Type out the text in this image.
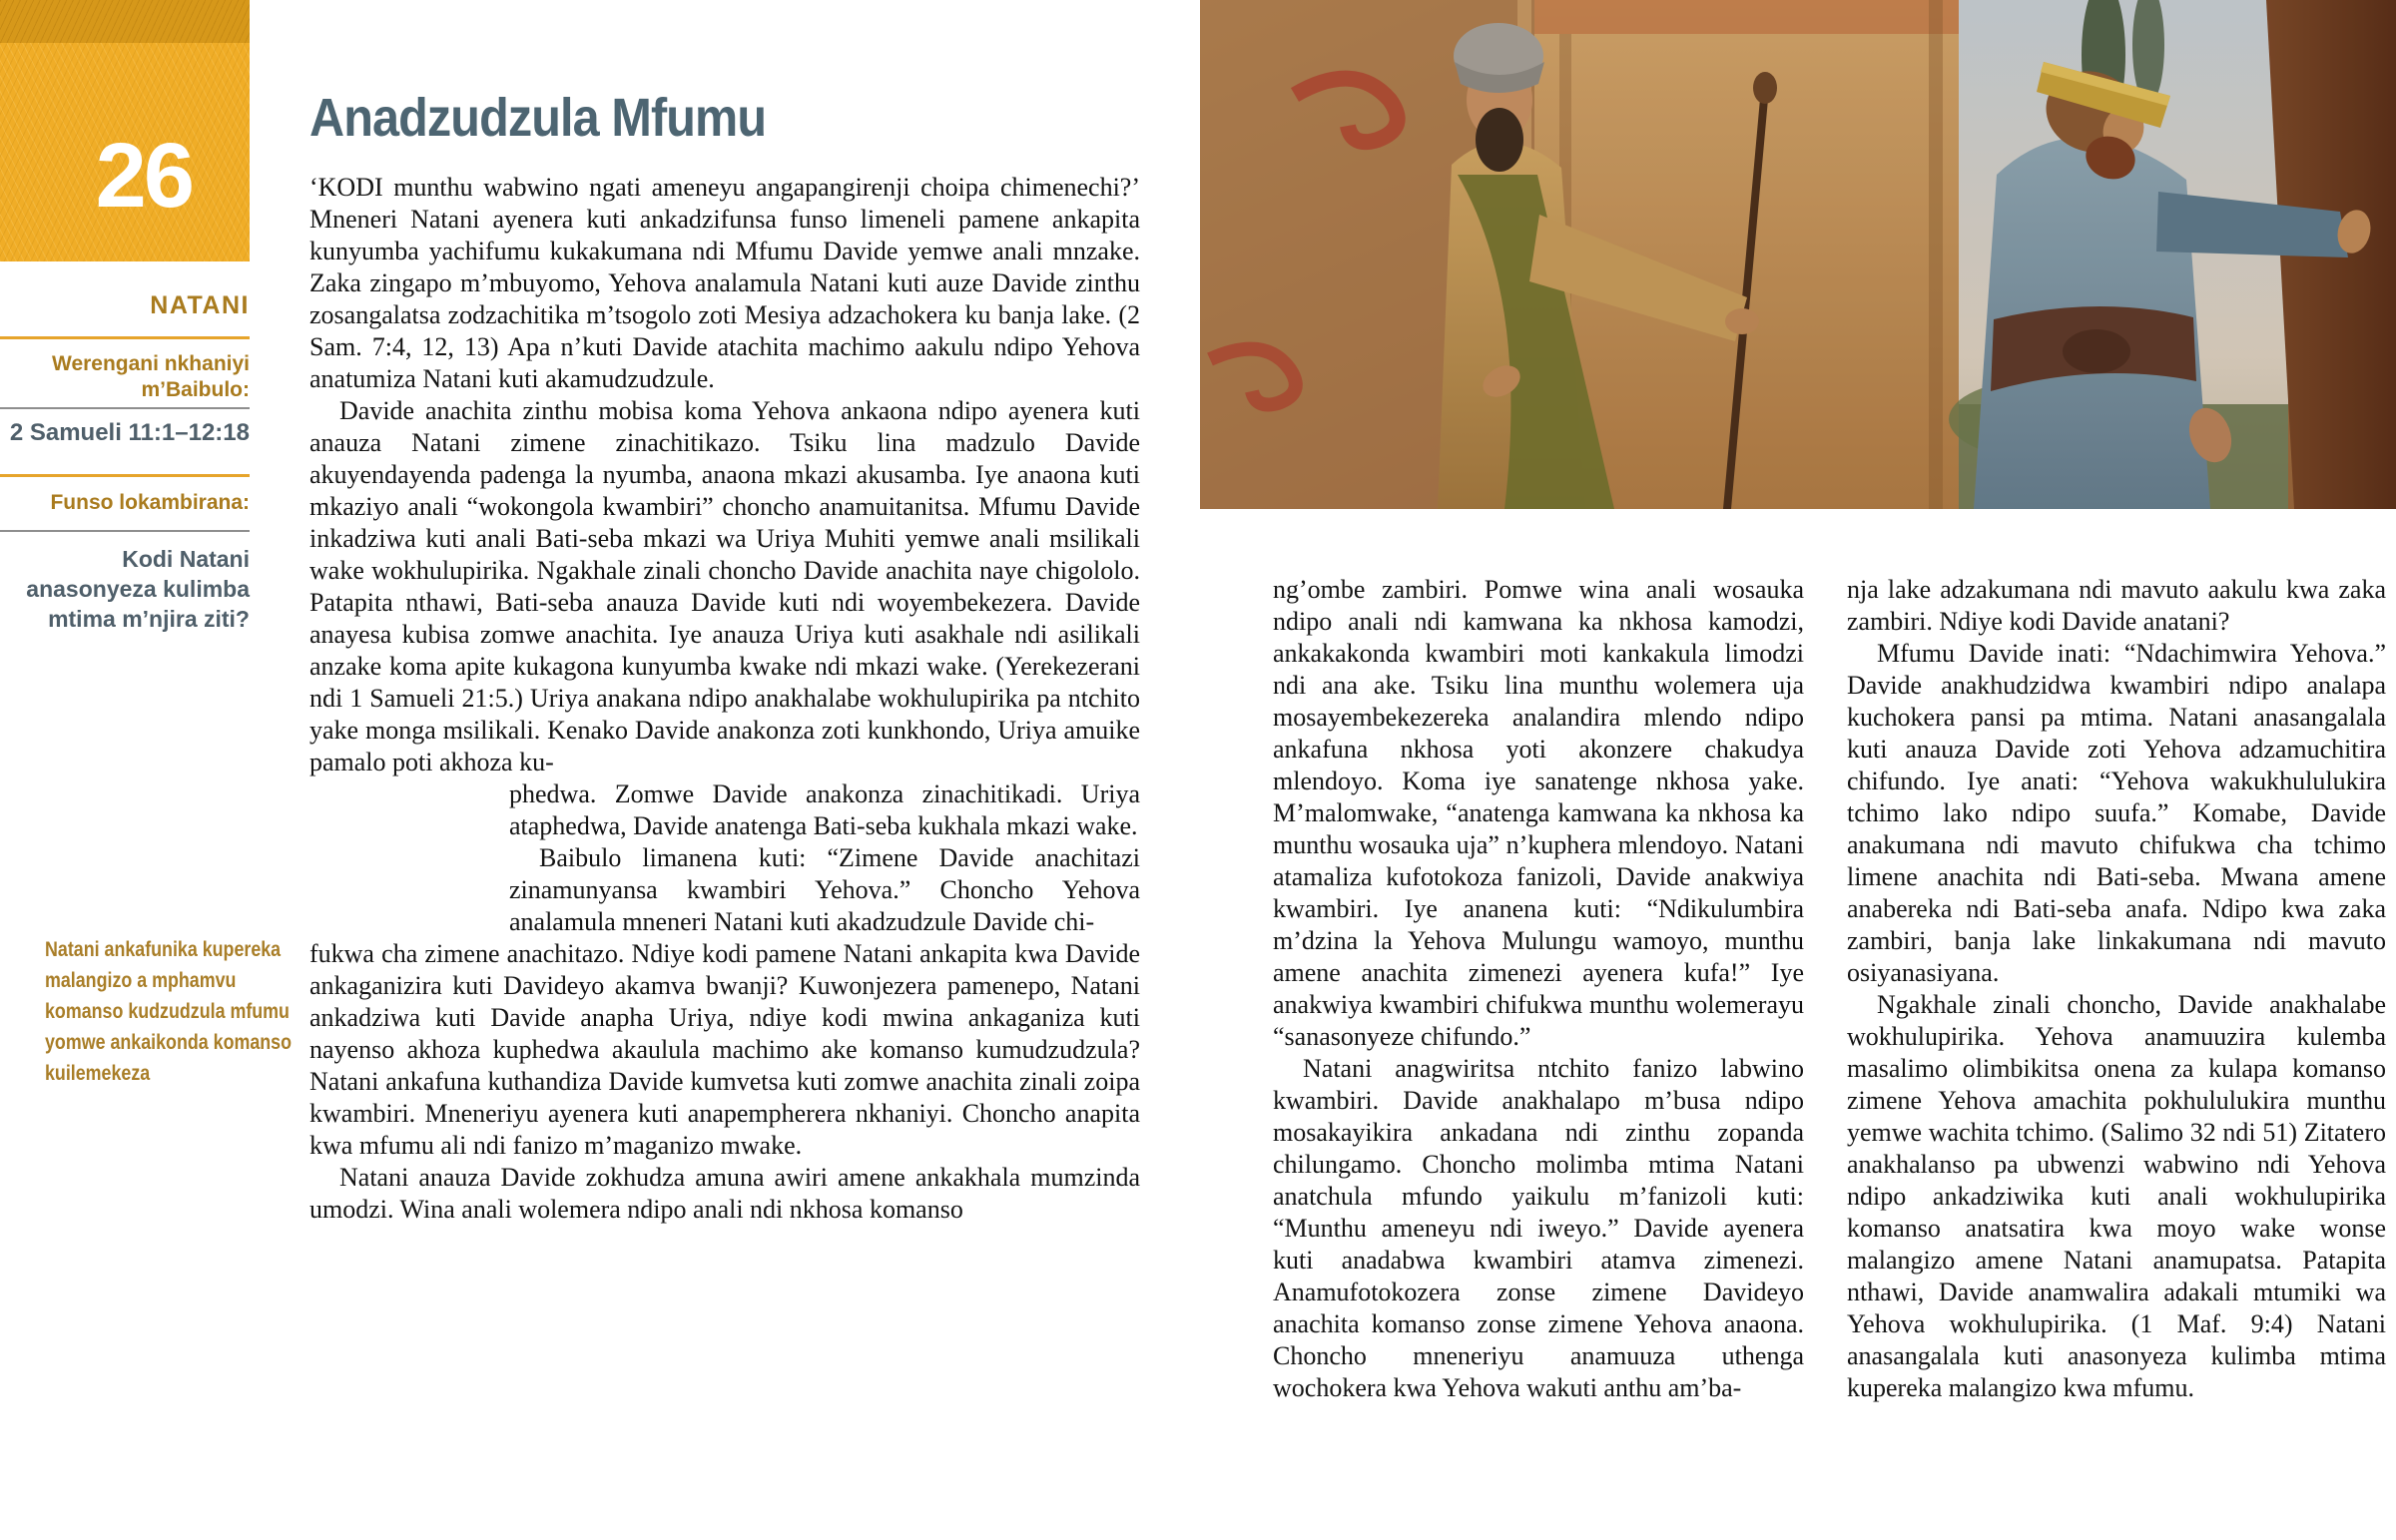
26
NATANI
Werengani nkhaniyi m’Baibulo:
2 Samueli 11:1–12:18
Funso lokambirana:
Kodi Natani anasonyeza kulimba mtima m’njira ziti?
Natani ankafunika kupereka malangizo a mphamvu komanso kudzudzula mfumu yomwe ankaikonda komanso kuilemekeza
Anadzudzula Mfumu

‘KODI munthu wabwino ngati ameneyu angapangirenji choipa chimenechi?’ Mneneri Natani ayenera kuti ankadzifunsa funso limeneli pamene ankapita kunyumba yachifumu kukakumana ndi Mfumu Davide yemwe anali mnzake. Zaka zingapo m’mbuyomo, Yehova analamula Natani kuti auze Davide zinthu zosangalatsa zodzachitika m’tsogolo zoti Mesiya adzachokera ku banja lake. (2 Sam. 7:4, 12, 13) Apa n’kuti Davide atachita machimo aakulu ndipo Yehova anatumiza Natani kuti akamudzudzule.

Davide anachita zinthu mobisa koma Yehova ankaona ndipo ayenera kuti anauza Natani zimene zinachitikazo. Tsiku lina madzulo Davide akuyendayenda padenga la nyumba, anaona mkazi akusamba. Iye anaona kuti mkaziyo anali “wokongola kwambiri” choncho anamuitanitsa. Mfumu Davide inkadziwa kuti anali Bati-seba mkazi wa Uriya Muhiti yemwe anali msilikali wake wokhulupirika. Ngakhale zinali choncho Davide anachita naye chigololo. Patapita nthawi, Bati-seba anauza Davide kuti ndi woyembekezera. Davide anayesa kubisa zomwe anachita. Iye anauza Uriya kuti asakhale ndi asilikali anzake koma apite kukagona kunyumba kwake ndi mkazi wake. (Yerekezerani ndi 1 Samueli 21:5.) Uriya anakana ndipo anakhalabe wokhulupirika pa ntchito yake monga msilikali. Kenako Davide anakonza zoti kunkhondo, Uriya amuike pamalo poti akhoza ku-

phedwa. Zomwe Davide anakonza zinachitikadi. Uriya ataphedwa, Davide anatenga Bati-seba kukhala mkazi wake.

Baibulo limanena kuti: “Zimene Davide anachitazi zinamunyansa kwambiri Yehova.” Choncho Yehova analamula mneneri Natani kuti akadzudzule Davide chi-

fukwa cha zimene anachitazo. Ndiye kodi pamene Natani ankapita kwa Davide ankaganizira kuti Davideyo akamva bwanji? Kuwonjezera pamenepo, Natani ankadziwa kuti Davide anapha Uriya, ndiye kodi mwina ankaganiza kuti nayenso akhoza kuphedwa akaulula machimo ake komanso kumudzudzula? Natani ankafuna kuthandiza Davide kumvetsa kuti zomwe anachita zinali zoipa kwambiri. Mneneriyu ayenera kuti anapempherera nkhaniyi. Choncho anapita kwa mfumu ali ndi fanizo m’maganizo mwake.

Natani anauza Davide zokhudza amuna awiri amene ankakhala mumzinda umodzi. Wina anali wolemera ndipo anali ndi nkhosa komanso

ng’ombe zambiri. Pomwe wina anali wosauka ndipo anali ndi kamwana ka nkhosa kamodzi, ankakakonda kwambiri moti kankakula limodzi ndi ana ake. Tsiku lina munthu wolemera uja mosayembekezereka analandira mlendo ndipo ankafuna nkhosa yoti akonzere chakudya mlendoyo. Koma iye sanatenge nkhosa yake. M’malomwake, “anatenga kamwana ka nkhosa ka munthu wosauka uja” n’kuphera mlendoyo. Natani atamaliza kufotokoza fanizoli, Davide anakwiya kwambiri. Iye ananena kuti: “Ndikulumbira m’dzina la Yehova Mulungu wamoyo, munthu amene anachita zimenezi ayenera kufa!” Iye anakwiya kwambiri chifukwa munthu wolemerayu “sanasonyeze chifundo.”

Natani anagwiritsa ntchito fanizo labwino kwambiri. Davide anakhalapo m’busa ndipo mosakayikira ankadana ndi zinthu zopanda chilungamo. Choncho molimba mtima Natani anatchula mfundo yaikulu m’fanizoli kuti: “Munthu ameneyu ndi iweyo.” Davide ayenera kuti anadabwa kwambiri atamva zimenezi. Anamufotokozera zonse zimene Davideyo anachita komanso zonse zimene Yehova anaona. Choncho mneneriyu anamuuza uthenga wochokera kwa Yehova wakuti anthu am’ba-

nja lake adzakumana ndi mavuto aakulu kwa zaka zambiri. Ndiye kodi Davide anatani?

Mfumu Davide inati: “Ndachimwira Yehova.” Davide anakhudzidwa kwambiri ndipo analapa kuchokera pansi pa mtima. Natani anasangalala kuti anauza Davide zoti Yehova adzamuchitira chifundo. Iye anati: “Yehova wakukhululukira tchimo lako ndipo suufa.” Komabe, Davide anakumana ndi mavuto chifukwa cha tchimo limene anachita ndi Bati-seba. Mwana amene anabereka ndi Bati-seba anafa. Ndipo kwa zaka zambiri, banja lake linkakumana ndi mavuto osiyanasiyana.

Ngakhale zinali choncho, Davide anakhalabe wokhulupirika. Yehova anamuuzira kulemba masalimo olimbikitsa onena za kulapa komanso zimene Yehova amachita pokhululukira munthu yemwe wachita tchimo. (Salimo 32 ndi 51) Zitatero anakhalanso pa ubwenzi wabwino ndi Yehova ndipo ankadziwika kuti anali wokhulupirika komanso anatsatira kwa moyo wake wonse malangizo amene Natani anamupatsa. Patapita nthawi, Davide anamwalira adakali mtumiki wa Yehova wokhulupirika. (1 Maf. 9:4) Natani anasangalala kuti anasonyeza kulimba mtima kupereka malangizo kwa mfumu.
